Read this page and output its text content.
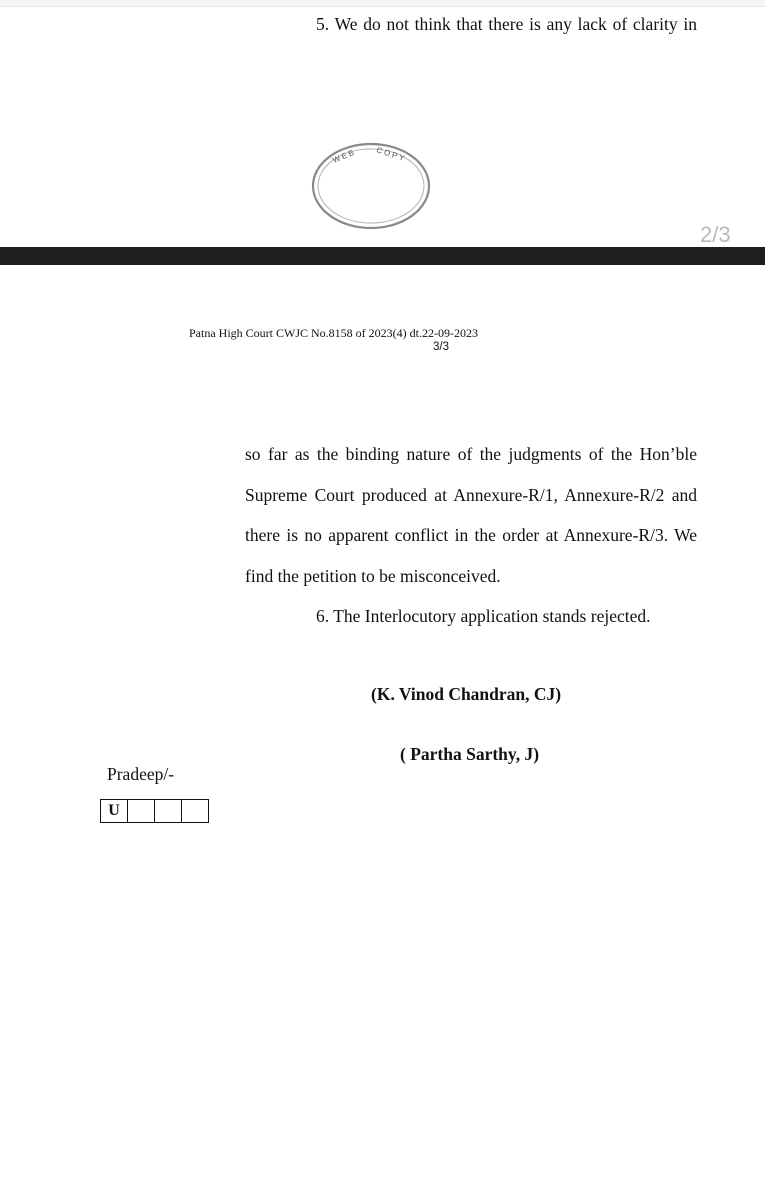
5. We do not think that there is any lack of clarity in
WEB COPY
2/3
Patna High Court CWJC No.8158 of 2023(4) dt.22-09-2023
3/3
so far as the binding nature of the judgments of the Hon’ble
Supreme Court produced at Annexure-R/1, Annexure-R/2 and
there is no apparent conflict in the order at Annexure-R/3. We
find the petition to be misconceived.
6. The Interlocutory application stands rejected.
(K. Vinod Chandran, CJ)
( Partha Sarthy, J)
Pradeep/-
U			
